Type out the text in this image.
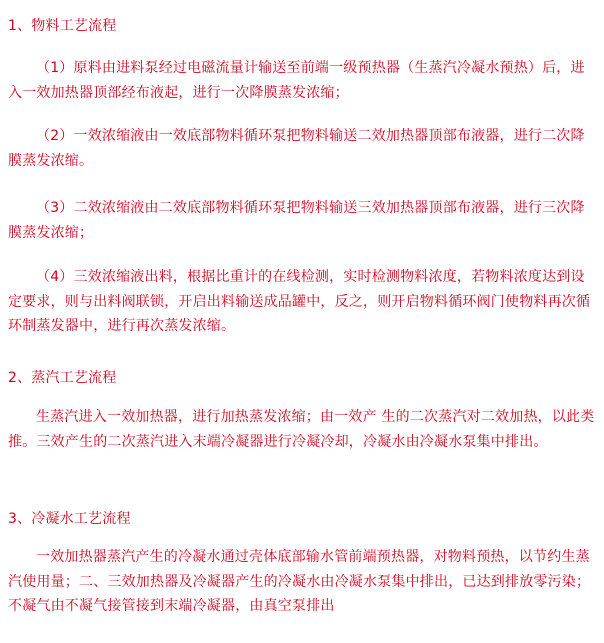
1、物料工艺流程

（1）原料由进料泵经过电磁流量计输送至前端一级预热器（生蒸汽冷凝水预热）后，进入一效加热器顶部经布液起，进行一次降膜蒸发浓缩；

（2）一效浓缩液由一效底部物料循环泵把物料输送二效加热器顶部布液器，进行二次降膜蒸发浓缩。

（3）二效浓缩液由二效底部物料循环泵把物料输送三效加热器顶部布液器，进行三次降膜蒸发浓缩；

（4）三效浓缩液出料，根据比重计的在线检测，实时检测物料浓度，若物料浓度达到设定要求，则与出料阀联锁，开启出料输送成品罐中，反之，则开启物料循环阀门使物料再次循环制蒸发器中，进行再次蒸发浓缩。

2、蒸汽工艺流程

生蒸汽进入一效加热器，进行加热蒸发浓缩；由一效产 生的二次蒸汽对二效加热，以此类推。三效产生的二次蒸汽进入末端冷凝器进行冷凝冷却，冷凝水由冷凝水泵集中排出。

3、冷凝水工艺流程

一效加热器蒸汽产生的冷凝水通过壳体底部输水管前端预热器，对物料预热，以节约生蒸汽使用量；二、三效加热器及冷凝器产生的冷凝水由冷凝水泵集中排出，已达到排放零污染；不凝气由不凝气接管接到末端冷凝器，由真空泵排出
